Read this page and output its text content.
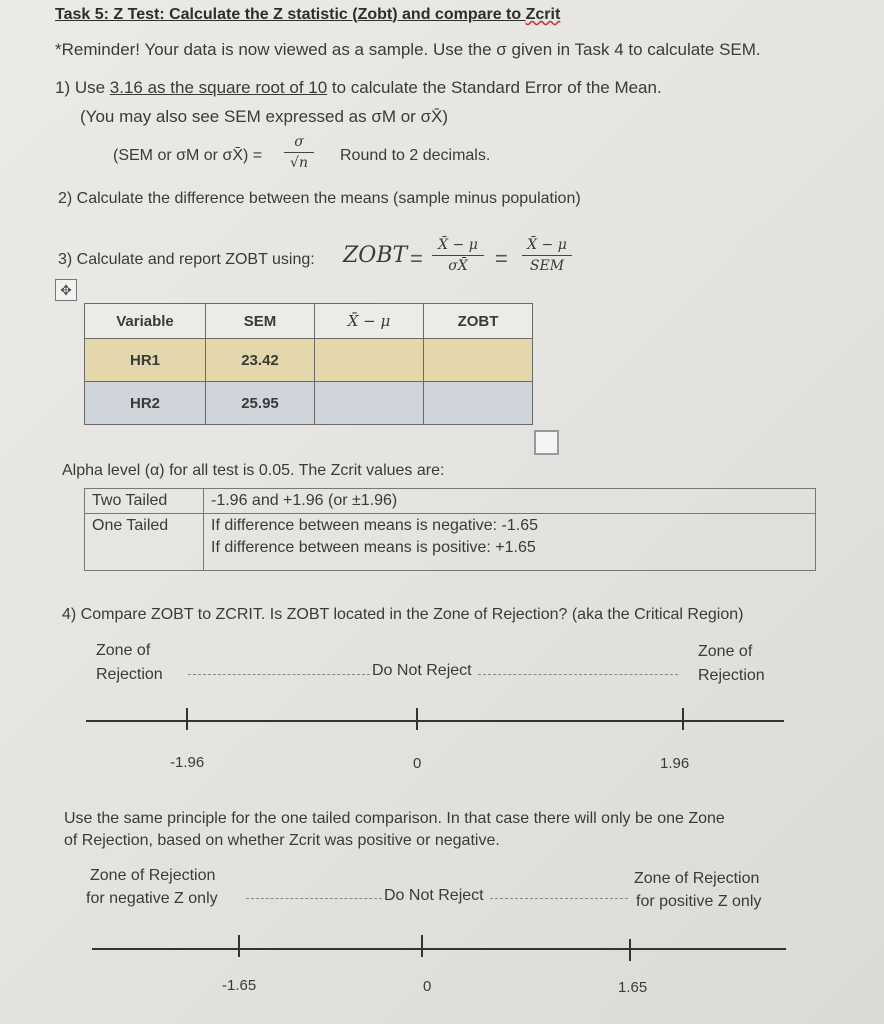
Task 5: Z Test: Calculate the Z statistic (Zobt) and compare to Zcrit
*Reminder! Your data is now viewed as a sample. Use the σ given in Task 4 to calculate SEM.
1) Use 3.16 as the square root of 10 to calculate the Standard Error of the Mean.
(You may also see SEM expressed as σM or σX̄)
(SEM or σM or σX̄) =
σ
√n	Round to 2 decimals.
2) Calculate the difference between the means (sample minus population)
3) Calculate and report ZOBT using: ZOBT =
X̄ − μ
σX̄	=
X̄ − μ
SEM
✥
Variable	SEM	X̄ − μ	ZOBT
HR1	23.42		
HR2	25.95		
Alpha level (α) for all test is 0.05. The Zcrit values are:
Two Tailed	-1.96 and +1.96 (or ±1.96)
One Tailed	If difference between means is negative: -1.65
If difference between means is positive: +1.65
4) Compare ZOBT to ZCRIT. Is ZOBT located in the Zone of Rejection? (aka the Critical Region)
Zone of
Rejection
Zone of
Rejection
Do Not Reject
-1.96	0	1.96
Use the same principle for the one tailed comparison. In that case there will only be one Zone
of Rejection, based on whether Zcrit was positive or negative.
Zone of Rejection
for negative Z only
Zone of Rejection
for positive Z only
Do Not Reject
-1.65	0	1.65
